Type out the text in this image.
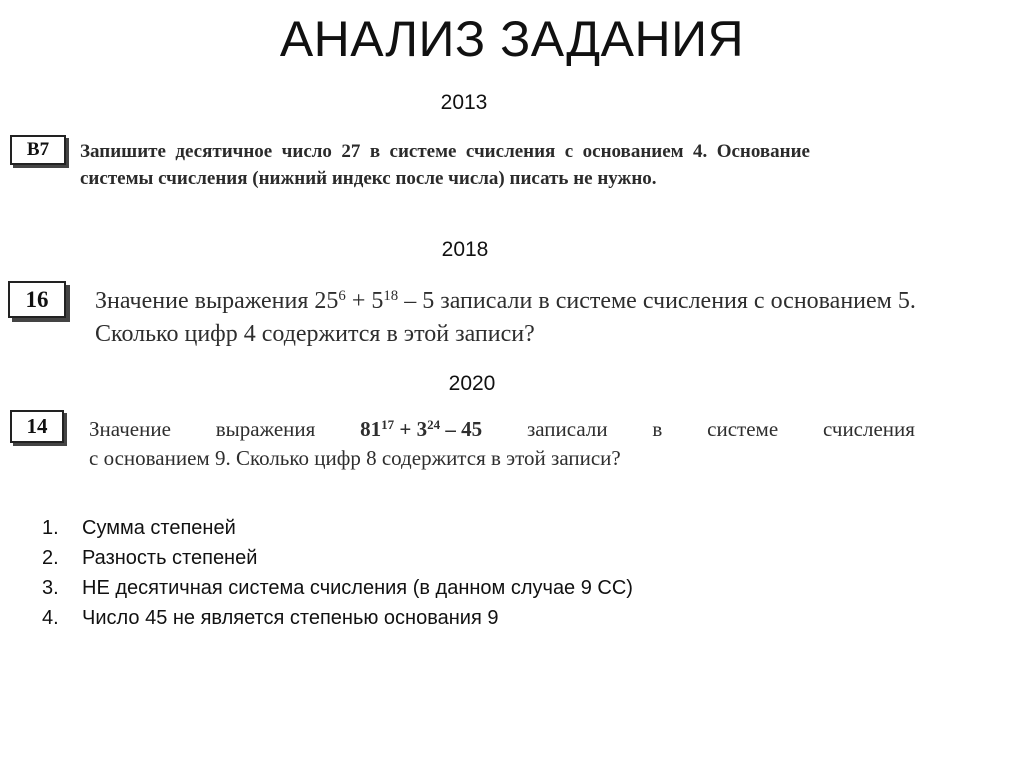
АНАЛИЗ ЗАДАНИЯ
2013
B7 Запишите десятичное число 27 в системе счисления с основанием 4. Основание системы счисления (нижний индекс после числа) писать не нужно.
2018
16 Значение выражения $25^6 + 5^{18} - 5$ записали в системе счисления с основанием 5.
Сколько цифр 4 содержится в этой записи?
2020
14 Значение выражения $81^{17} + 3^{24} - 45$ записали в системе счисления
с основанием 9. Сколько цифр 8 содержится в этой записи?
1.	Сумма степеней
2.	Разность степеней
3.	НЕ десятичная система счисления (в данном случае 9 СС)
4.	Число 45 не является степенью основания 9
